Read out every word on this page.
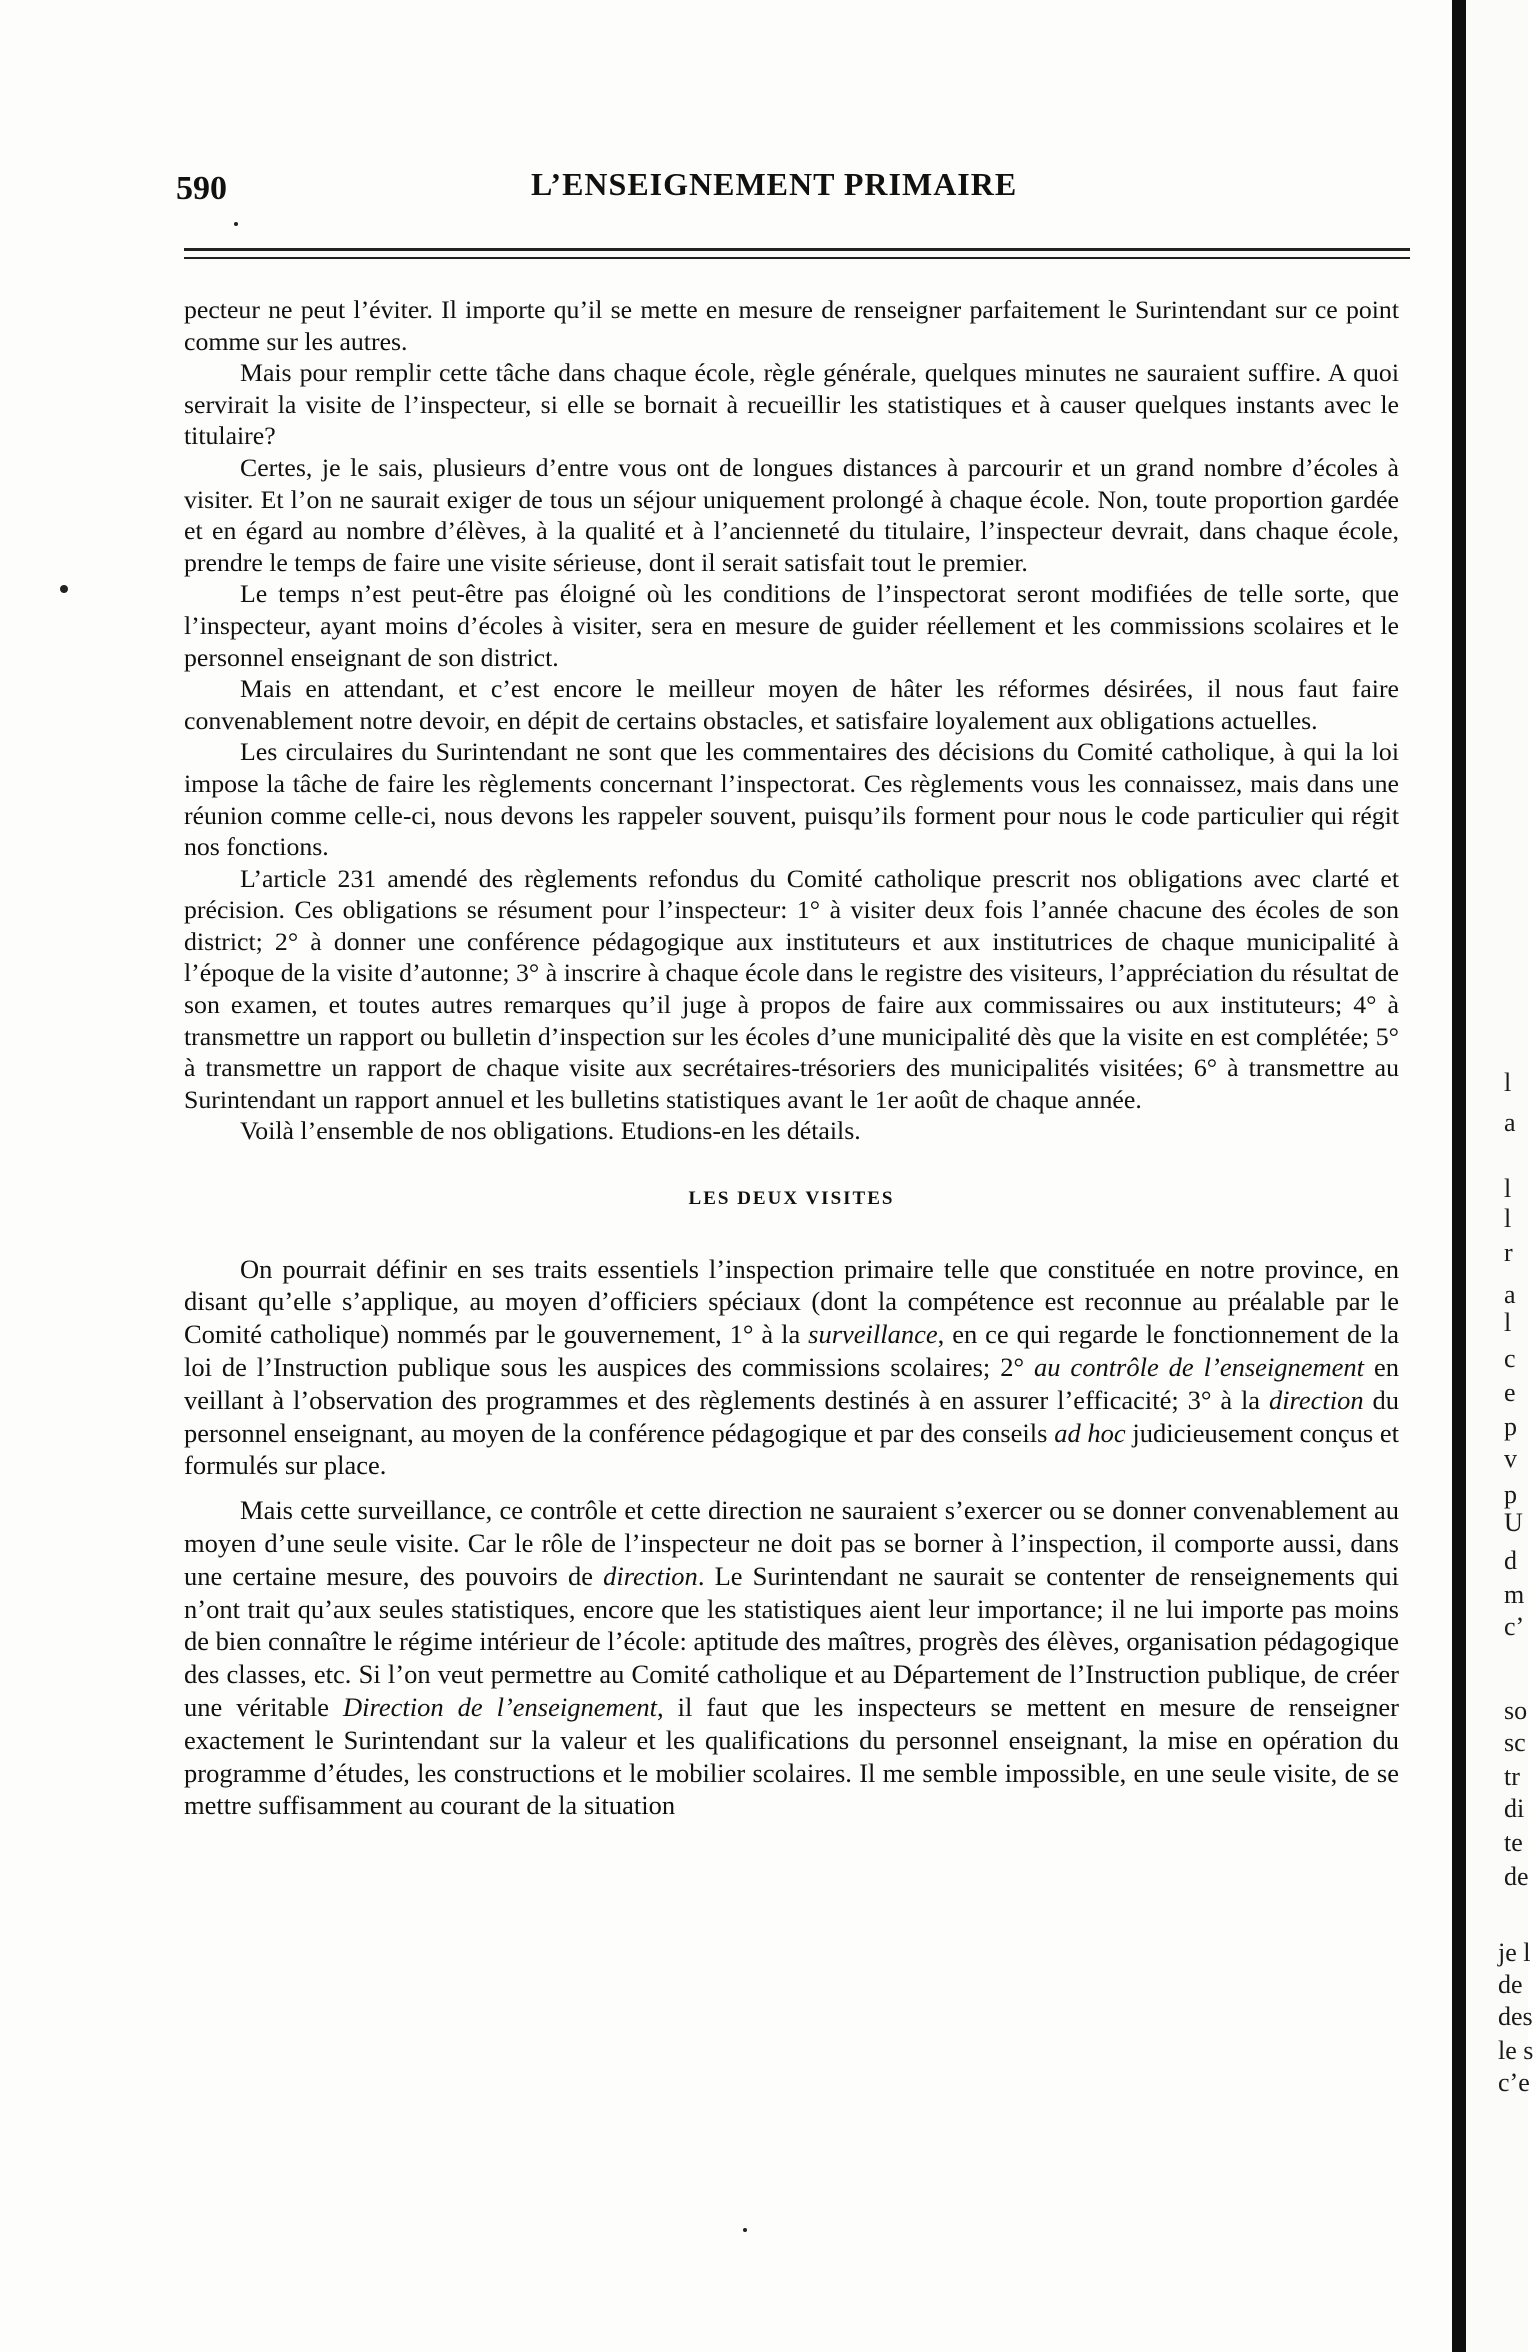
l
a
l
l
r
a
l
c
e
p
v
p
U
d
m
c’
so
sc
tr
di
te
de
je l
de
des
le s
c’e
590	L’ENSEIGNEMENT PRIMAIRE

pecteur ne peut l’éviter. Il importe qu’il se mette en mesure de renseigner parfaitement le Surintendant sur ce point comme sur les autres.

Mais pour remplir cette tâche dans chaque école, règle générale, quelques minutes ne sauraient suffire. A quoi servirait la visite de l’inspecteur, si elle se bornait à recueillir les statistiques et à causer quelques instants avec le titulaire?

Certes, je le sais, plusieurs d’entre vous ont de longues distances à parcourir et un grand nombre d’écoles à visiter. Et l’on ne saurait exiger de tous un séjour uniquement prolongé à chaque école. Non, toute proportion gardée et en égard au nombre d’élèves, à la qualité et à l’ancienneté du titulaire, l’inspecteur devrait, dans chaque école, prendre le temps de faire une visite sérieuse, dont il serait satisfait tout le premier.

Le temps n’est peut-être pas éloigné où les conditions de l’inspectorat seront modifiées de telle sorte, que l’inspecteur, ayant moins d’écoles à visiter, sera en mesure de guider réellement et les commissions scolaires et le personnel enseignant de son district.

Mais en attendant, et c’est encore le meilleur moyen de hâter les réformes désirées, il nous faut faire convenablement notre devoir, en dépit de certains obstacles, et satisfaire loyalement aux obligations actuelles.

Les circulaires du Surintendant ne sont que les commentaires des décisions du Comité catholique, à qui la loi impose la tâche de faire les règlements concernant l’inspectorat. Ces règlements vous les connaissez, mais dans une réunion comme celle-ci, nous devons les rappeler souvent, puisqu’ils forment pour nous le code particulier qui régit nos fonctions.

L’article 231 amendé des règlements refondus du Comité catholique prescrit nos obligations avec clarté et précision. Ces obligations se résument pour l’inspecteur: 1° à visiter deux fois l’année chacune des écoles de son district; 2° à donner une conférence pédagogique aux instituteurs et aux institutrices de chaque municipalité à l’époque de la visite d’autonne; 3° à inscrire à chaque école dans le registre des visiteurs, l’appréciation du résultat de son examen, et toutes autres remarques qu’il juge à propos de faire aux commissaires ou aux instituteurs; 4° à transmettre un rapport ou bulletin d’inspection sur les écoles d’une municipalité dès que la visite en est complétée; 5° à transmettre un rapport de chaque visite aux secrétaires-trésoriers des municipalités visitées; 6° à transmettre au Surintendant un rapport annuel et les bulletins statistiques avant le 1er août de chaque année.

Voilà l’ensemble de nos obligations. Etudions-en les détails.

LES DEUX VISITES

On pourrait définir en ses traits essentiels l’inspection primaire telle que constituée en notre province, en disant qu’elle s’applique, au moyen d’officiers spéciaux (dont la compétence est reconnue au préalable par le Comité catholique) nommés par le gouvernement, 1° à la surveillance, en ce qui regarde le fonctionnement de la loi de l’Instruction publique sous les auspices des commissions scolaires; 2° au contrôle de l’enseignement en veillant à l’observation des programmes et des règlements destinés à en assurer l’efficacité; 3° à la direction du personnel enseignant, au moyen de la conférence pédagogique et par des conseils ad hoc judicieusement conçus et formulés sur place.

Mais cette surveillance, ce contrôle et cette direction ne sauraient s’exercer ou se donner convenablement au moyen d’une seule visite. Car le rôle de l’inspecteur ne doit pas se borner à l’inspection, il comporte aussi, dans une certaine mesure, des pouvoirs de direction. Le Surintendant ne saurait se contenter de renseignements qui n’ont trait qu’aux seules statistiques, encore que les statistiques aient leur importance; il ne lui importe pas moins de bien connaître le régime intérieur de l’école: aptitude des maîtres, progrès des élèves, organisation pédagogique des classes, etc. Si l’on veut permettre au Comité catholique et au Département de l’Instruction publique, de créer une véritable Direction de l’enseignement, il faut que les inspecteurs se mettent en mesure de renseigner exactement le Surintendant sur la valeur et les qualifications du personnel enseignant, la mise en opération du programme d’études, les constructions et le mobilier scolaires. Il me semble impossible, en une seule visite, de se mettre suffisamment au courant de la situation
